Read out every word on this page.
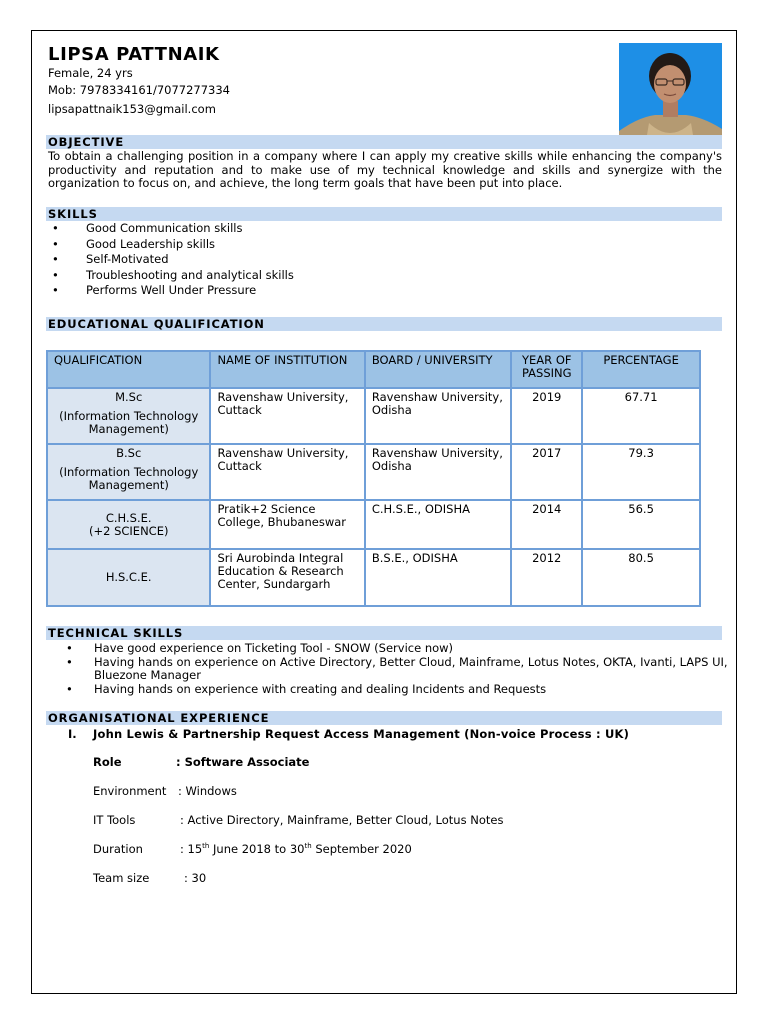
LIPSA PATTNAIK
Female, 24 yrs
Mob: 7978334161/7077277334
lipsapattnaik153@gmail.com
OBJECTIVE
To obtain a challenging position in a company where I can apply my creative skills while enhancing the company's productivity and reputation and to make use of my technical knowledge and skills and synergize with the organization to focus on, and achieve, the long term goals that have been put into place.
SKILLS
• Good Communication skills
• Good Leadership skills
• Self-Motivated
• Troubleshooting and analytical skills
• Performs Well Under Pressure
EDUCATIONAL QUALIFICATION
QUALIFICATION	NAME OF INSTITUTION	BOARD / UNIVERSITY	YEAR OF PASSING	PERCENTAGE

M.Sc
(Information Technology Management)	Ravenshaw University, Cuttack	Ravenshaw University, Odisha	2019	67.71

B.Sc
(Information Technology Management)	Ravenshaw University, Cuttack	Ravenshaw University, Odisha	2017	79.3

C.H.S.E.
(+2 SCIENCE)	Pratik+2 Science College, Bhubaneswar	C.H.S.E., ODISHA	2014	56.5

H.S.C.E.	Sri Aurobinda Integral Education & Research Center, Sundargarh	B.S.E., ODISHA	2012	80.5
TECHNICAL SKILLS
• Have good experience on Ticketing Tool - SNOW (Service now)
• Having hands on experience on Active Directory, Better Cloud, Mainframe, Lotus Notes, OKTA, Ivanti, LAPS UI, Bluezone Manager
• Having hands on experience with creating and dealing Incidents and Requests
ORGANISATIONAL EXPERIENCE
I. John Lewis & Partnership Request Access Management (Non-voice Process : UK)
Role	: Software Associate
Environment : Windows
IT Tools	: Active Directory, Mainframe, Better Cloud, Lotus Notes
Duration	: 15th June 2018 to 30th September 2020
Team size	: 30
